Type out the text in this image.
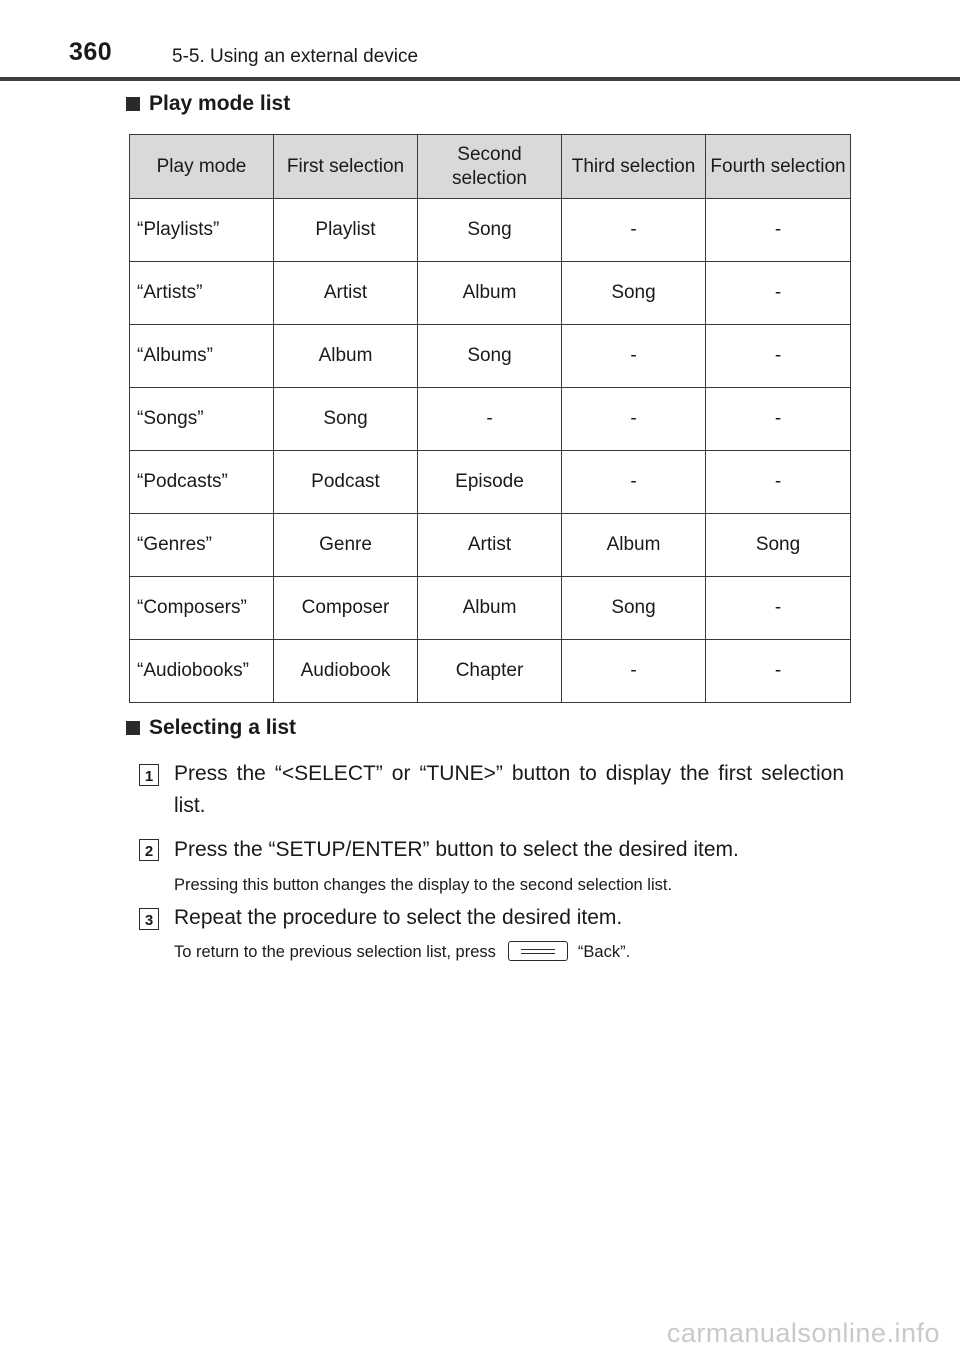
360	5-5. Using an external device
Play mode list
Play mode	First selection	Second selection	Third selection	Fourth selection
“Playlists”	Playlist	Song	-	-
“Artists”	Artist	Album	Song	-
“Albums”	Album	Song	-	-
“Songs”	Song	-	-	-
“Podcasts”	Podcast	Episode	-	-
“Genres”	Genre	Artist	Album	Song
“Composers”	Composer	Album	Song	-
“Audiobooks”	Audiobook	Chapter	-	-
Selecting a list
1 Press the “<SELECT” or “TUNE>” button to display the first selection list.
2 Press the “SETUP/ENTER” button to select the desired item.
Pressing this button changes the display to the second selection list.
3 Repeat the procedure to select the desired item.
To return to the previous selection list, press	“Back”.
carmanualsonline.info
